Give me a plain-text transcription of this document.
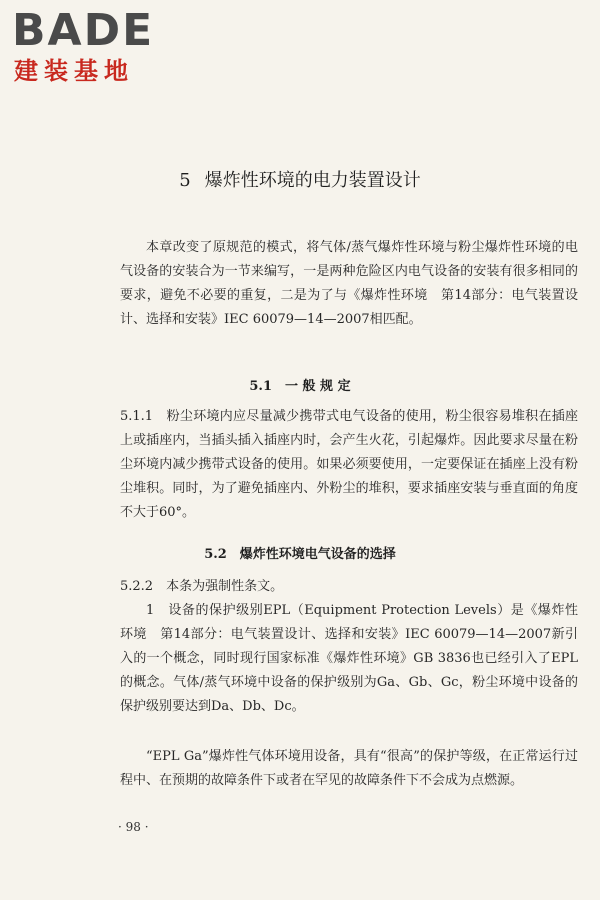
BADE
建装基地
5 爆炸性环境的电力装置设计
本章改变了原规范的模式，将气体/蒸气爆炸性环境与粉尘爆炸性环境的电气设备的安装合为一节来编写，一是两种危险区内电气设备的安装有很多相同的要求，避免不必要的重复，二是为了与《爆炸性环境　第14部分：电气装置设计、选择和安装》IEC 60079—14—2007相匹配。
5.1　一 般 规 定
5.1.1　粉尘环境内应尽量减少携带式电气设备的使用，粉尘很容易堆积在插座上或插座内，当插头插入插座内时，会产生火花，引起爆炸。因此要求尽量在粉尘环境内减少携带式设备的使用。如果必须要使用，一定要保证在插座上没有粉尘堆积。同时，为了避免插座内、外粉尘的堆积，要求插座安装与垂直面的角度不大于60°。
5.2　爆炸性环境电气设备的选择
5.2.2　本条为强制性条文。
1　设备的保护级别EPL（Equipment Protection Levels）是《爆炸性环境　第14部分：电气装置设计、选择和安装》IEC 60079—14—2007新引入的一个概念，同时现行国家标准《爆炸性环境》GB 3836也已经引入了EPL的概念。气体/蒸气环境中设备的保护级别为Ga、Gb、Gc，粉尘环境中设备的保护级别要达到Da、Db、Dc。
“EPL Ga”爆炸性气体环境用设备，具有“很高”的保护等级，在正常运行过程中、在预期的故障条件下或者在罕见的故障条件下不会成为点燃源。
· 98 ·
